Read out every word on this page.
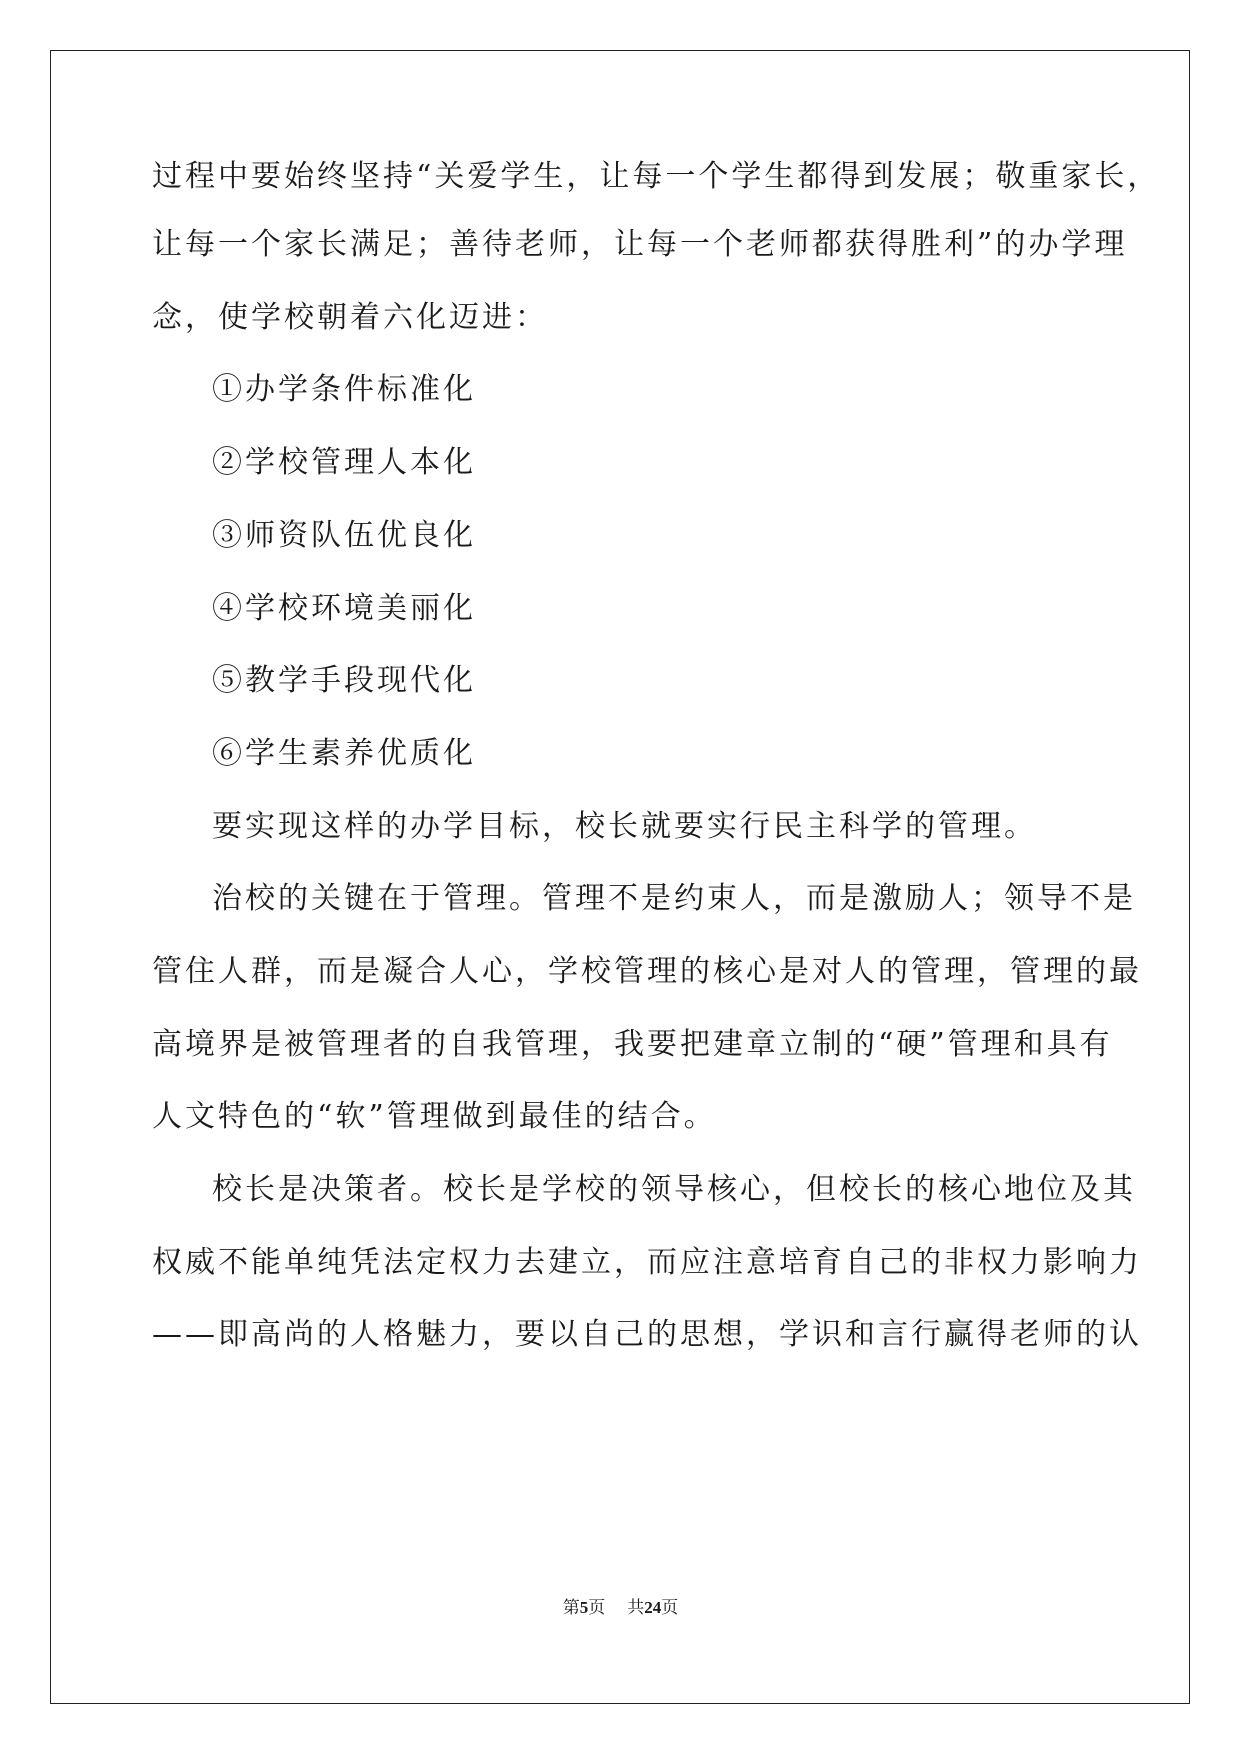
过程中要始终坚持“关爱学生，让每一个学生都得到发展；敬重家长，
让每一个家长满足；善待老师，让每一个老师都获得胜利”的办学理
念，使学校朝着六化迈进：
①办学条件标准化
②学校管理人本化
③师资队伍优良化
④学校环境美丽化
⑤教学手段现代化
⑥学生素养优质化
要实现这样的办学目标，校长就要实行民主科学的管理。
治校的关键在于管理。管理不是约束人，而是激励人；领导不是
管住人群，而是凝合人心，学校管理的核心是对人的管理，管理的最
高境界是被管理者的自我管理，我要把建章立制的“硬”管理和具有
人文特色的“软”管理做到最佳的结合。
校长是决策者。校长是学校的领导核心，但校长的核心地位及其
权威不能单纯凭法定权力去建立，而应注意培育自己的非权力影响力
——即高尚的人格魅力，要以自己的思想，学识和言行赢得老师的认
第5页 共24页
